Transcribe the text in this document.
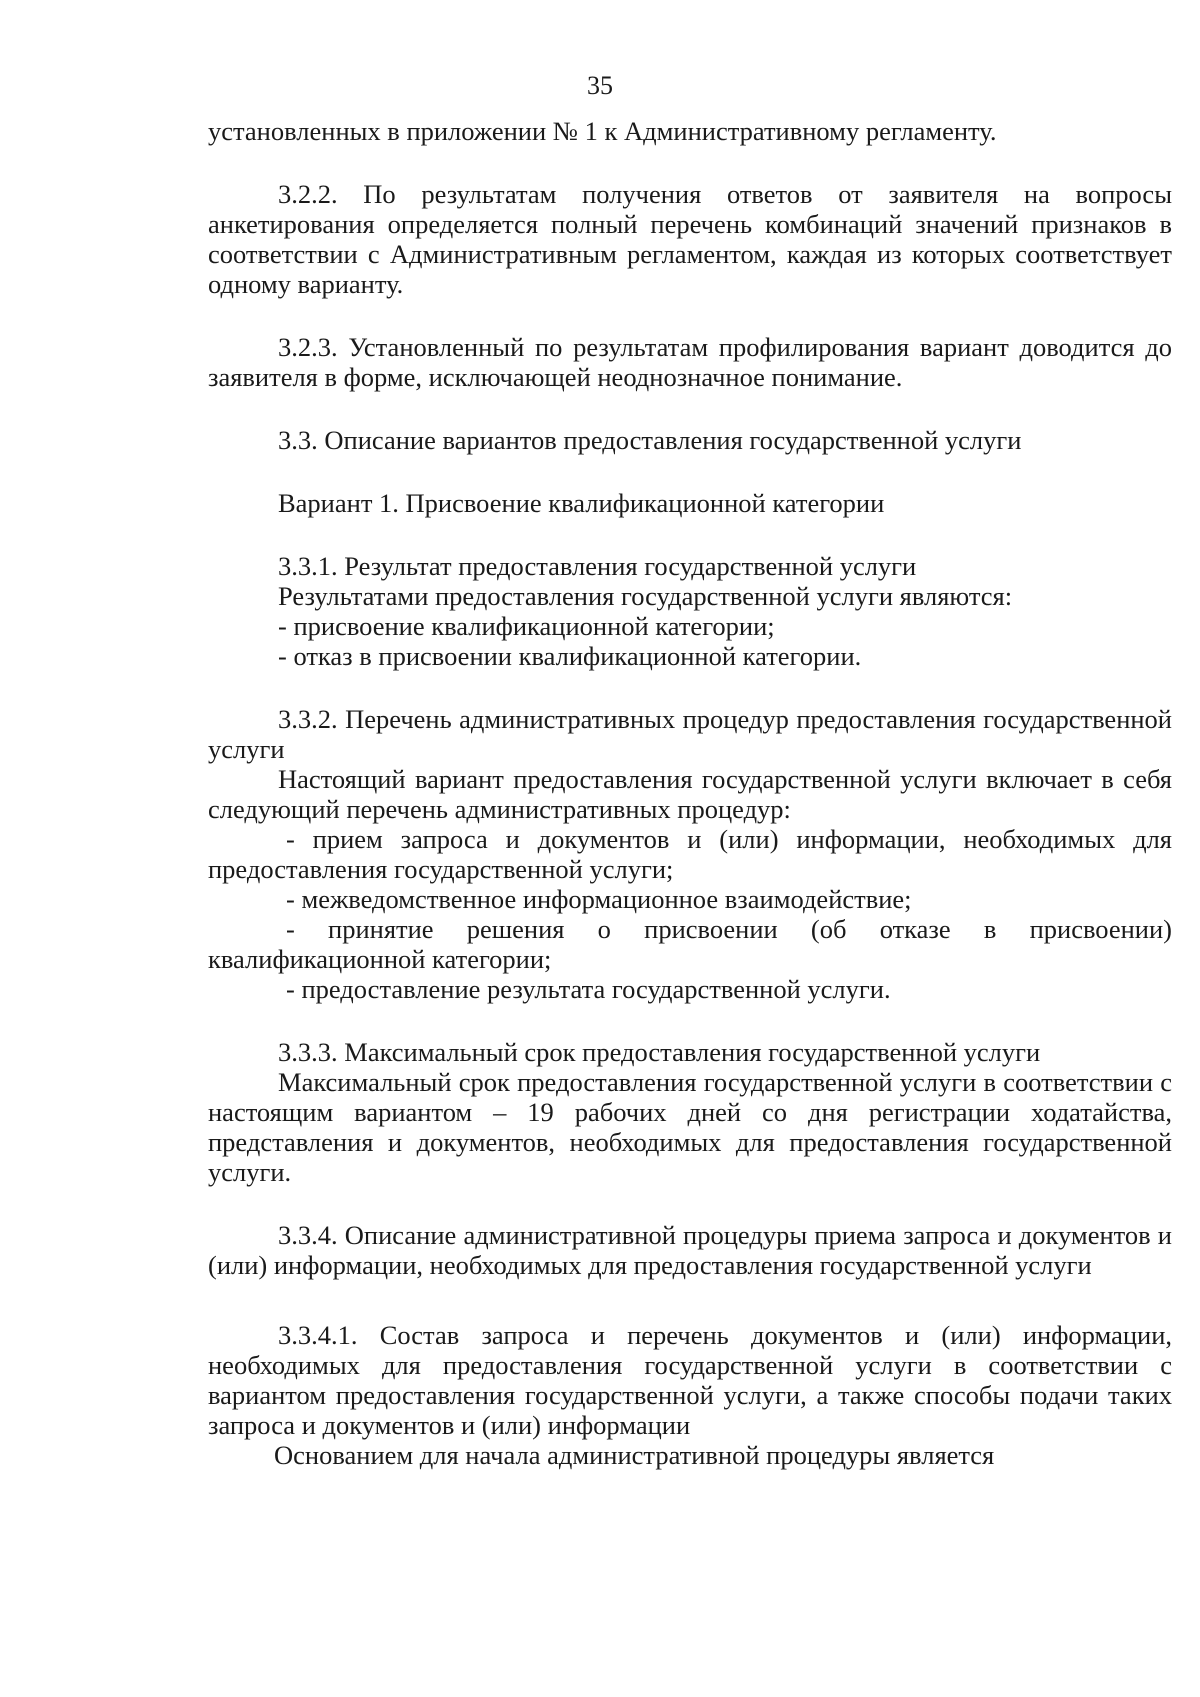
35

установленных в приложении № 1 к Административному регламенту.

3.2.2. По результатам получения ответов от заявителя на вопросы анкетирования определяется полный перечень комбинаций значений признаков в соответствии с Административным регламентом, каждая из которых соответствует одному варианту.

3.2.3. Установленный по результатам профилирования вариант доводится до заявителя в форме, исключающей неоднозначное понимание.

3.3. Описание вариантов предоставления государственной услуги

Вариант 1. Присвоение квалификационной категории

3.3.1. Результат предоставления государственной услуги

Результатами предоставления государственной услуги являются:

- присвоение квалификационной категории;

- отказ в присвоении квалификационной категории.

3.3.2. Перечень административных процедур предоставления государственной услуги

Настоящий вариант предоставления государственной услуги включает в себя следующий перечень административных процедур:

- прием запроса и документов и (или) информации, необходимых для предоставления государственной услуги;

- межведомственное информационное взаимодействие;

- принятие решения о присвоении (об отказе в присвоении) квалификационной категории;

- предоставление результата государственной услуги.

3.3.3. Максимальный срок предоставления государственной услуги

Максимальный срок предоставления государственной услуги в соответствии с настоящим вариантом – 19 рабочих дней со дня регистрации ходатайства, представления и документов, необходимых для предоставления государственной услуги.

3.3.4. Описание административной процедуры приема запроса и документов и (или) информации, необходимых для предоставления государственной услуги

3.3.4.1. Состав запроса и перечень документов и (или) информации, необходимых для предоставления государственной услуги в соответствии с вариантом предоставления государственной услуги, а также способы подачи таких запроса и документов и (или) информации

Основанием для начала административной процедуры является
